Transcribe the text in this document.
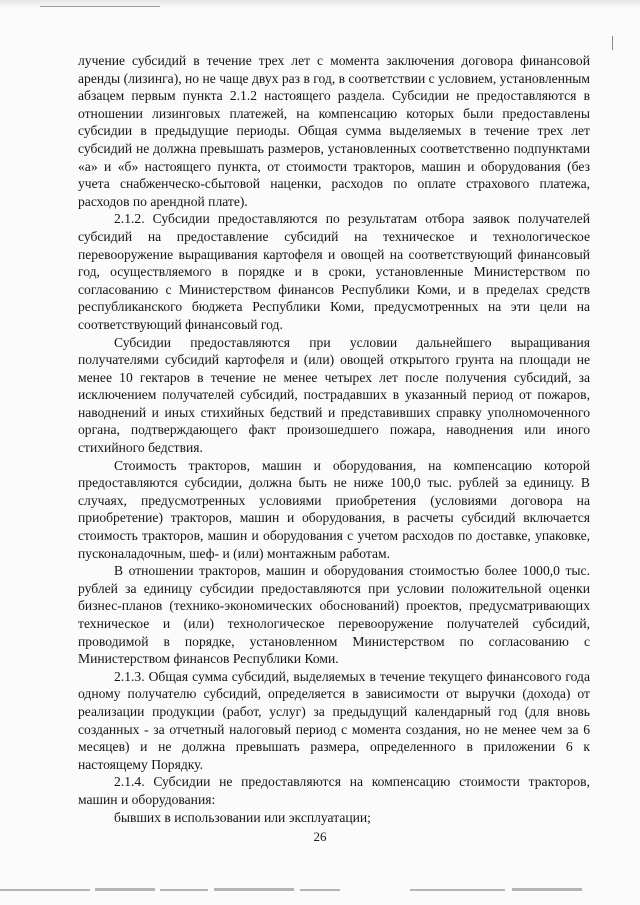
лучение субсидий в течение трех лет с момента заключения договора финансовой аренды (лизинга), но не чаще двух раз в год, в соответствии с условием, установленным абзацем первым пункта 2.1.2 настоящего раздела. Субсидии не предоставляются в отношении лизинговых платежей, на компенсацию которых были предоставлены субсидии в предыдущие периоды. Общая сумма выделяемых в течение трех лет субсидий не должна превышать размеров, установленных соответственно подпунктами «а» и «б» настоящего пункта, от стоимости тракторов, машин и оборудования (без учета снабженческо-сбытовой наценки, расходов по оплате страхового платежа, расходов по арендной плате).

2.1.2. Субсидии предоставляются по результатам отбора заявок получателей субсидий на предоставление субсидий на техническое и технологическое перевооружение выращивания картофеля и овощей на соответствующий финансовый год, осуществляемого в порядке и в сроки, установленные Министерством по согласованию с Министерством финансов Республики Коми, и в пределах средств республиканского бюджета Республики Коми, предусмотренных на эти цели на соответствующий финансовый год.

Субсидии предоставляются при условии дальнейшего выращивания получателями субсидий картофеля и (или) овощей открытого грунта на площади не менее 10 гектаров в течение не менее четырех лет после получения субсидий, за исключением получателей субсидий, пострадавших в указанный период от пожаров, наводнений и иных стихийных бедствий и представивших справку уполномоченного органа, подтверждающего факт произошедшего пожара, наводнения или иного стихийного бедствия.

Стоимость тракторов, машин и оборудования, на компенсацию которой предоставляются субсидии, должна быть не ниже 100,0 тыс. рублей за единицу. В случаях, предусмотренных условиями приобретения (условиями договора на приобретение) тракторов, машин и оборудования, в расчеты субсидий включается стоимость тракторов, машин и оборудования с учетом расходов по доставке, упаковке, пусконаладочным, шеф- и (или) монтажным работам.

В отношении тракторов, машин и оборудования стоимостью более 1000,0 тыс. рублей за единицу субсидии предоставляются при условии положительной оценки бизнес-планов (технико-экономических обоснований) проектов, предусматривающих техническое и (или) технологическое перевооружение получателей субсидий, проводимой в порядке, установленном Министерством по согласованию с Министерством финансов Республики Коми.

2.1.3. Общая сумма субсидий, выделяемых в течение текущего финансового года одному получателю субсидий, определяется в зависимости от выручки (дохода) от реализации продукции (работ, услуг) за предыдущий календарный год (для вновь созданных - за отчетный налоговый период с момента создания, но не менее чем за 6 месяцев) и не должна превышать размера, определенного в приложении 6 к настоящему Порядку.

2.1.4. Субсидии не предоставляются на компенсацию стоимости тракторов, машин и оборудования:

бывших в использовании или эксплуатации;

26
